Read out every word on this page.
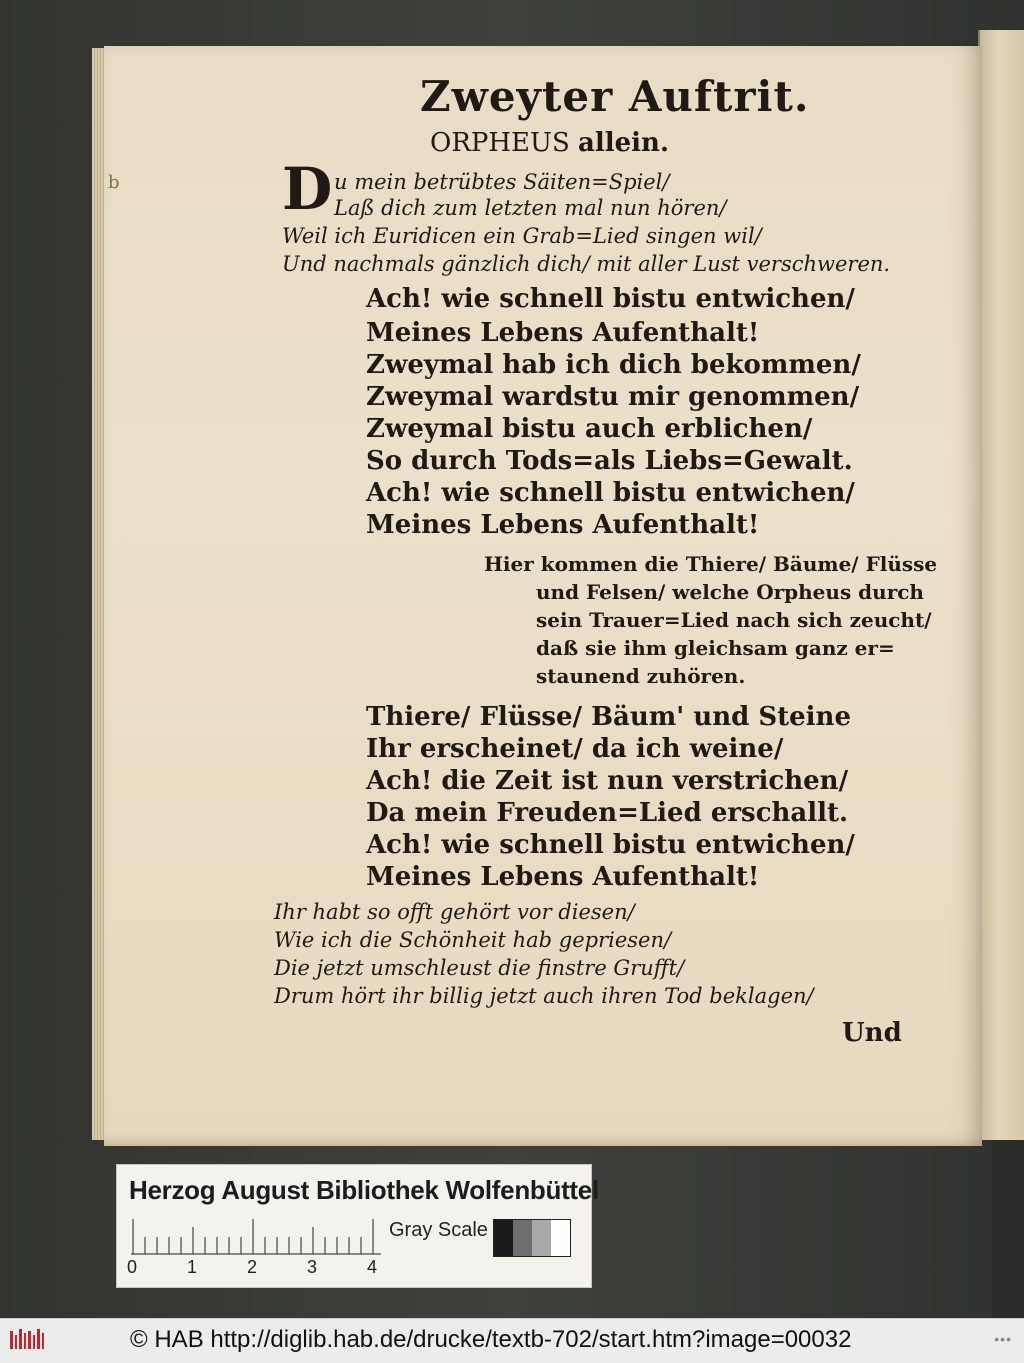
Zweyter Auftrit.
ORPHEUS allein.
b	D u mein betrübtes Säiten=Spiel/
Laß dich zum letzten mal nun hören/
Weil ich Euridicen ein Grab=Lied singen wil/
Und nachmals gänzlich dich/ mit aller Lust verschweren.
Ach! wie schnell bistu entwichen/
Meines Lebens Aufenthalt!
Zweymal hab ich dich bekommen/
Zweymal wardstu mir genommen/
Zweymal bistu auch erblichen/
So durch Tods=als Liebs=Gewalt.
Ach! wie schnell bistu entwichen/
Meines Lebens Aufenthalt!
Hier kommen die Thiere/ Bäume/ Flüsse
und Felsen/ welche Orpheus durch
sein Trauer=Lied nach sich zeucht/
daß sie ihm gleichsam ganz er=
staunend zuhören.
Thiere/ Flüsse/ Bäum' und Steine
Ihr erscheinet/ da ich weine/
Ach! die Zeit ist nun verstrichen/
Da mein Freuden=Lied erschallt.
Ach! wie schnell bistu entwichen/
Meines Lebens Aufenthalt!
Ihr habt so offt gehört vor diesen/
Wie ich die Schönheit hab gepriesen/
Die jetzt umschleust die finstre Grufft/
Drum hört ihr billig jetzt auch ihren Tod beklagen/
Und
Herzog August Bibliothek Wolfenbüttel
0	1	2	3	4
Gray Scale
© HAB http://diglib.hab.de/drucke/textb-702/start.htm?image=00032	•••
